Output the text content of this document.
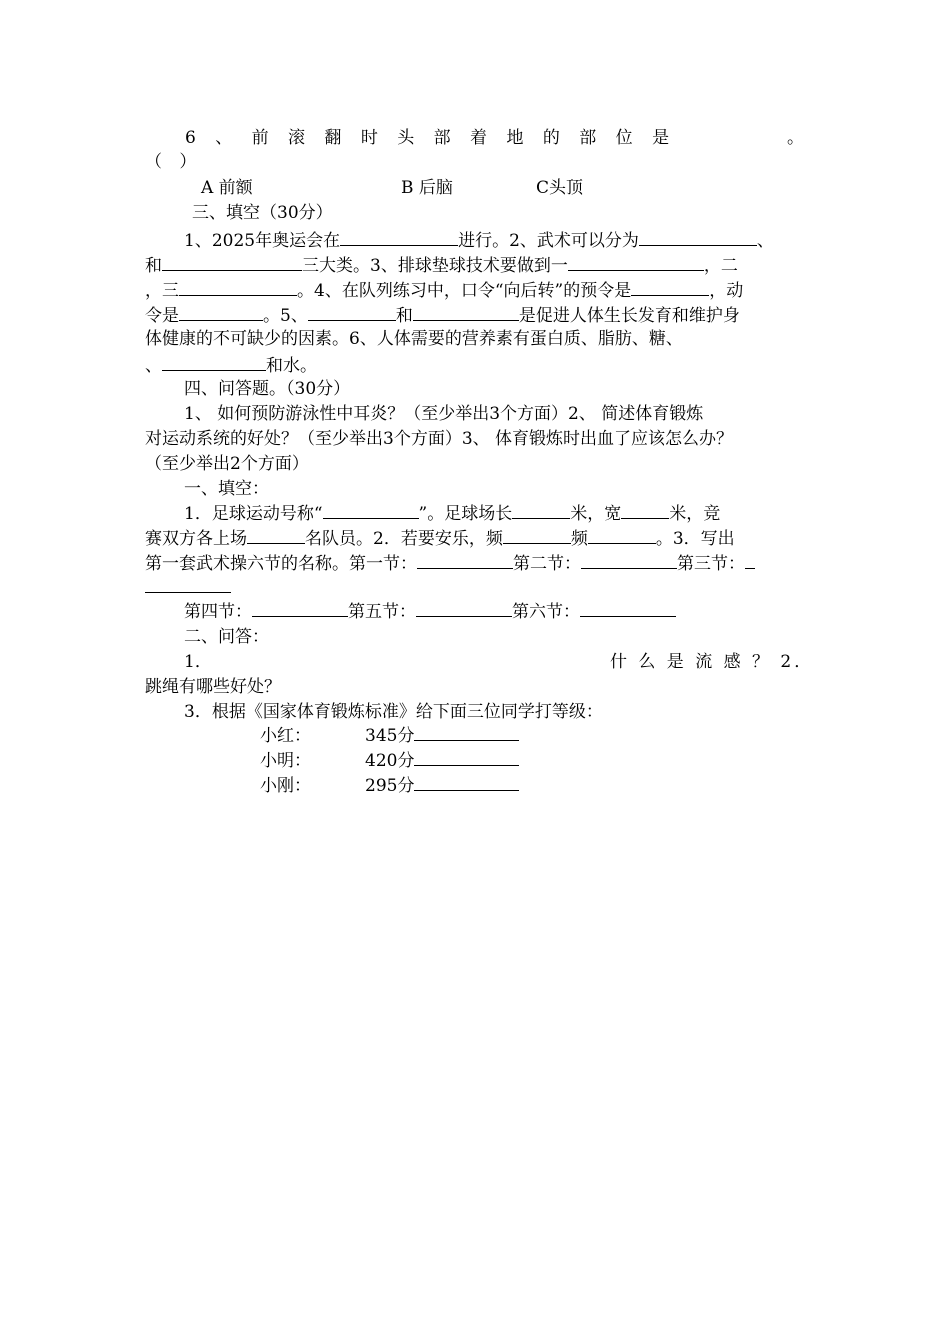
6 、 前 滚 翻 时 头 部 着 地 的 部 位 是	。
（ ）
A 前额	B 后脑	C头顶
三、填空（30分）
1、2025年奥运会在	进行。2、武术可以分为	、
和	三大类。3、排球垫球技术要做到一	，二
，三	。4、在队列练习中，口令“向后转”的预令是	，动
令是	。5、	和	是促进人体生长发育和维护身
体健康的不可缺少的因素。6、人体需要的营养素有蛋白质、脂肪、糖、
、	和水。
四、问答题。（30分）
1、 如何预防游泳性中耳炎？（至少举出3个方面）2、 简述体育锻炼
对运动系统的好处？（至少举出3个方面）3、 体育锻炼时出血了应该怎么办？
（至少举出2个方面）
一、填空：
1．足球运动号称“	”。足球场长	米，宽	米，竞
赛双方各上场	名队员。2．若要安乐，频	频	。3．写出
第一套武术操六节的名称。第一节：	第二节：	第三节：
第四节：	第五节：	第六节：
二、问答：
1．	什 么 是 流 感 ？ 2．
跳绳有哪些好处？
3．根据《国家体育锻炼标准》给下面三位同学打等级：
小红：	345分
小明：	420分
小刚：	295分
